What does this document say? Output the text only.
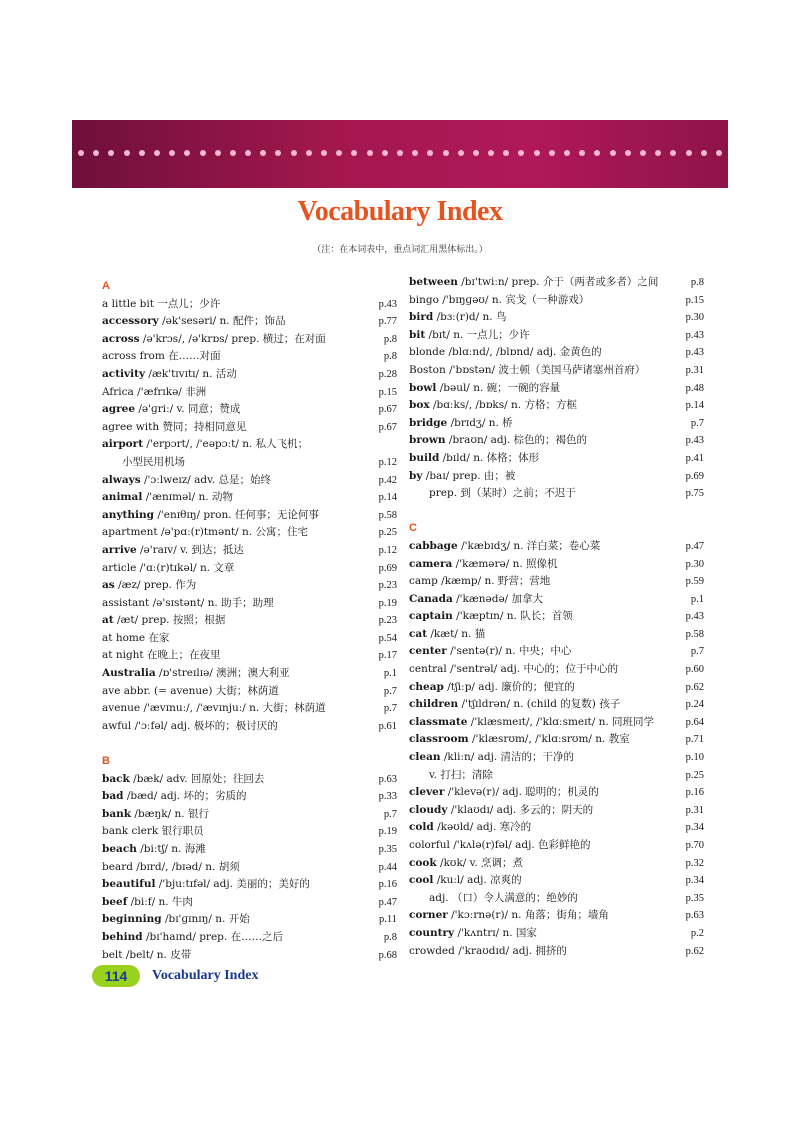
Vocabulary Index
（注：在本词表中，重点词汇用黑体标出。）
A
a little bit 一点儿；少许	p.43
accessory /ək'sesəri/ n. 配件；饰品	p.77
across /ə'krɔs/, /ə'krɒs/ prep. 横过；在对面	p.8
across from 在……对面	p.8
activity /æk'tɪvɪtɪ/ n. 活动	p.28
Africa /'æfrɪkə/ 非洲	p.15
agree /ə'ɡriː/ v. 同意；赞成	p.67
agree with 赞同；持相同意见	p.67
airport /'erpɔrt/, /'eəpɔːt/ n. 私人飞机；
小型民用机场	p.12
always /'ɔːlweɪz/ adv. 总是；始终	p.42
animal /'ænɪməl/ n. 动物	p.14
anything /'enɪθɪŋ/ pron. 任何事；无论何事	p.58
apartment /ə'pɑː(r)tmənt/ n. 公寓；住宅	p.25
arrive /ə'raɪv/ v. 到达；抵达	p.12
article /'ɑː(r)tɪkəl/ n. 文章	p.69
as /æz/ prep. 作为	p.23
assistant /ə'sɪstənt/ n. 助手；助理	p.19
at /æt/ prep. 按照；根据	p.23
at home 在家	p.54
at night 在晚上；在夜里	p.17
Australia /ɒ'streɪlɪə/ 澳洲；澳大利亚	p.1
ave abbr. (= avenue) 大街；林荫道	p.7
avenue /'ævɪnuː/, /'ævɪnjuː/ n. 大街；林荫道	p.7
awful /'ɔːfəl/ adj. 极坏的；极讨厌的	p.61
B
back /bæk/ adv. 回原处；往回去	p.63
bad /bæd/ adj. 坏的；劣质的	p.33
bank /bæŋk/ n. 银行	p.7
bank clerk 银行职员	p.19
beach /biːtʃ/ n. 海滩	p.35
beard /bɪrd/, /bɪəd/ n. 胡须	p.44
beautiful /'bjuːtɪfəl/ adj. 美丽的；美好的	p.16
beef /biːf/ n. 牛肉	p.47
beginning /bɪ'ɡɪnɪŋ/ n. 开始	p.11
behind /bɪ'haɪnd/ prep. 在……之后	p.8
belt /belt/ n. 皮带	p.68
between /bɪ'twiːn/ prep. 介于（两者或多者）之间	p.8
bingo /'bɪŋɡəʊ/ n. 宾戈（一种游戏）	p.15
bird /bɜː(r)d/ n. 鸟	p.30
bit /bɪt/ n. 一点儿；少许	p.43
blonde /blɑːnd/, /blɒnd/ adj. 金黄色的	p.43
Boston /'bɒstən/ 波士顿（美国马萨诸塞州首府）	p.31
bowl /bəul/ n. 碗；一碗的容量	p.48
box /bɑːks/, /bɒks/ n. 方格；方框	p.14
bridge /brɪdʒ/ n. 桥	p.7
brown /braʊn/ adj. 棕色的；褐色的	p.43
build /bɪld/ n. 体格；体形	p.41
by /baɪ/ prep. 由；被	p.69
prep. 到（某时）之前；不迟于	p.75
C
cabbage /'kæbɪdʒ/ n. 洋白菜；卷心菜	p.47
camera /'kæmərə/ n. 照像机	p.30
camp /kæmp/ n. 野营；营地	p.59
Canada /'kænədə/ 加拿大	p.1
captain /'kæptɪn/ n. 队长；首领	p.43
cat /kæt/ n. 猫	p.58
center /'sentə(r)/ n. 中央；中心	p.7
central /'sentrəl/ adj. 中心的；位于中心的	p.60
cheap /tʃiːp/ adj. 廉价的；便宜的	p.62
children /'tʃɪldrən/ n. (child 的复数) 孩子	p.24
classmate /'klæsmeɪt/, /'klɑːsmeɪt/ n. 同班同学	p.64
classroom /'klæsrʊm/, /'klɑːsrʊm/ n. 教室	p.71
clean /kliːn/ adj. 清洁的；干净的	p.10
v. 打扫；清除	p.25
clever /'klevə(r)/ adj. 聪明的；机灵的	p.16
cloudy /'klaʊdɪ/ adj. 多云的；阴天的	p.31
cold /kəʊld/ adj. 寒冷的	p.34
colorful /'kʌlə(r)fəl/ adj. 色彩鲜艳的	p.70
cook /kʊk/ v. 烹调；煮	p.32
cool /kuːl/ adj. 凉爽的	p.34
adj. （口）令人满意的；绝妙的	p.35
corner /'kɔːrnə(r)/ n. 角落；街角；墙角	p.63
country /'kʌntrɪ/ n. 国家	p.2
crowded /'kraʊdɪd/ adj. 拥挤的	p.62
114	Vocabulary Index
